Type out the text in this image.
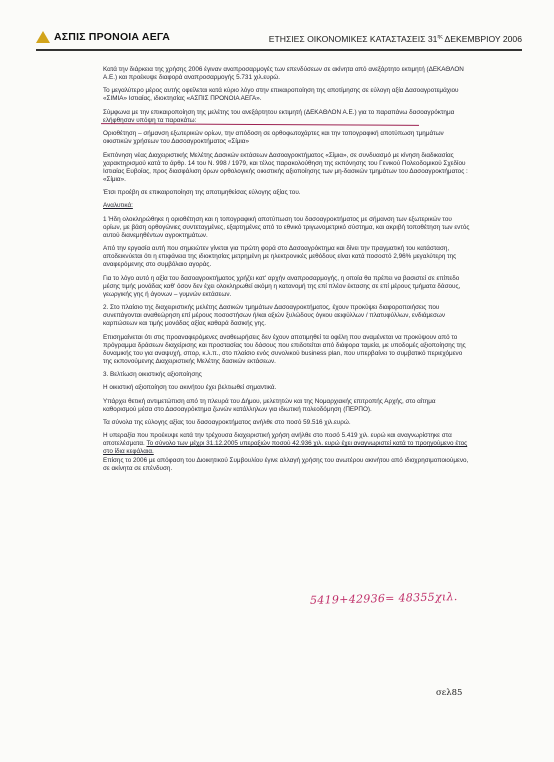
ΑΣΠΙΣ ΠΡΟΝΟΙΑ ΑΕΓΑ	ΕΤΗΣΙΕΣ ΟΙΚΟΝΟΜΙΚΕΣ ΚΑΤΑΣΤΑΣΕΙΣ $31^{\eta\varsigma}$ ΔΕΚΕΜΒΡΙΟΥ 2006

Κατά την διάρκεια της χρήσης 2006 έγιναν αναπροσαρμογές των επενδύσεων σε ακίνητα από ανεξάρτητο εκτιμητή (ΔΕΚΑΘΛΟΝ Α.Ε.) και προέκυψε διαφορά αναπροσαρμογής 5.731 χιλ.ευρώ.

Το μεγαλύτερο μέρος αυτής οφείλεται κατά κύριο λόγο στην επικαιροποίηση της αποτίμησης σε εύλογη αξία Δασοαγροτεμάχιου «ΣΙΜΙΑ» Ιστιαίας, ιδιοκτησίας «ΑΣΠΙΣ ΠΡΟΝΟΙΑ ΑΕΓΑ».

Σύμφωνα με την επικαιροποίηση της μελέτης του ανεξάρτητου εκτιμητή (ΔΕΚΑΘΛΟΝ Α.Ε.) για το παραπάνω δασοαγρόκτημα ελήφθησαν υπόψη τα παρακάτω:

Οριοθέτηση – σήμανση εξωτερικών ορίων, την απόδοση σε ορθοφωτοχάρτες και την τοπογραφική αποτύπωση τμημάτων οικιστικών χρήσεων του Δασοαγροκτήματος «Σίμια»

Εκπόνηση νέας Διαχειριστικής Μελέτης Δασικών εκτάσεων Δασοαγροκτήματος «Σίμια», σε συνδυασμό με κίνηση διαδικασίας χαρακτηρισμού κατά το άρθρ. 14 του Ν. 998 / 1979, και τέλος παρακολούθηση της εκπόνησης του Γενικού Πολεοδομικού Σχεδίου Ιστιαίας Ευβοίας, προς διασφάλιση όρων ορθολογικής οικιστικής αξιοποίησης των μη-δασικών τμημάτων του Δασοαγροκτήματος : «Σίμια».

Έτσι προέβη σε επικαιροποίηση της αποτιμηθείσας εύλογης αξίας του.

Αναλυτικά:

1 Ήδη ολοκληρώθηκε η οριοθέτηση και η τοπογραφική αποτύπωση του δασοαγροκτήματος με σήμανση των εξωτερικών του ορίων, με βάση ορθογώνιες συντεταγμένες, εξαρτημένες από το εθνικό τριγωνομετρικό σύστημα, και ακριβή τοποθέτηση των εντός αυτού διανεμηθέντων αγροκτημάτων.

Από την εργασία αυτή που σημειώτεν γίνεται για πρώτη φορά στο Δασοαγρόκτημα και δίνει την πραγματική του κατάσταση, αποδεικνύεται ότι η επιφάνεια της ιδιοκτησίας μετρημένη με ηλεκτρονικές μεθόδους είναι κατά ποσοστό 2,96% μεγαλύτερη της αναφερόμενης στο συμβόλαιο αγοράς.

Για το λόγο αυτό η αξία του δασοαγροκτήματος χρήζει κατ' αρχήν αναπροσαρμογής, η οποία θα πρέπει να βασιστεί σε επίπεδο μέσης τιμής μονάδας καθ' όσον δεν έχει ολοκληρωθεί ακόμη η κατανομή της επί πλέον έκτασης σε επί μέρους τμήματα δάσους, γεωργικής γης ή άγονων – γυμνών εκτάσεων.

2. Στο πλαίσιο της διαχειριστικής μελέτης Δασικών τμημάτων Δασοαγροκτήματος, έχουν προκύψει διαφοροποιήσεις που συνεπάγονται αναθεώρηση επί μέρους ποσοστήσων ή/και αξιών ξυλώδους όγκου αειφύλλων / πλατυφύλλων, ενδιάμεσων καρπώσεων και τιμής μονάδας αξίας καθαρά δασικής γης.

Επισημαίνεται ότι στις προαναφερόμενες αναθεωρήσεις δεν έχουν αποτιμηθεί τα οφέλη που αναμένεται να προκύψουν από το πρόγραμμα δράσεων διαχείρισης και προστασίας του δάσους που επιδοτείται από διάφορα ταμεία, με υποδομές αξιοποίησης της δυναμικής του για αναψυχή, σπορ, κ.λ.π., στο πλαίσιο ενός συνολικού business plan, που υπερβαίνει το συμβατικό περιεχόμενο της εκπονούμενης Διαχειριστικής Μελέτης δασικών εκτάσεων.

3. Βελτίωση οικιστικής αξιοποίησης

Η οικιστική αξιοποίηση του ακινήτου έχει βελτιωθεί σημαντικά.

Υπάρχει θετική αντιμετώπιση από τη πλευρά του Δήμου, μελετητών και της Νομαρχιακής επιτροπής Αρχής, στο αίτημα καθορισμού μέσα στο Δασοαγρόκτημα ζωνών κατάλληλων για ιδιωτική πολεοδόμηση (ΠΕΡΠΟ).

Τα σύνολα της εύλογης αξίας του δασοαγροκτήματος ανήλθε στο ποσό 59.516 χιλ.ευρώ.

Η υπεραξία που προέκυψε κατά την τρέχουσα διαχειριστική χρήση ανήλθε στο ποσό 5.419 χιλ. ευρώ και αναγνωρίστηκε στα αποτελέσματα. Το σύνολο των μέχρι 31.12.2005 υπεραξιών ποσού 42.936 χιλ. ευρώ έχει αναγνωριστεί κατά το προηγούμενο έτος στο ίδια κεφάλαια.

Επίσης το 2006 με απόφαση του Διοικητικού Συμβουλίου έγινε αλλαγή χρήσης του ανωτέρου ακινήτου από ιδιοχρησιμοποιούμενο, σε ακίνητα σε επένδυση.

5419+42936= 48355χιλ.
σελ85
